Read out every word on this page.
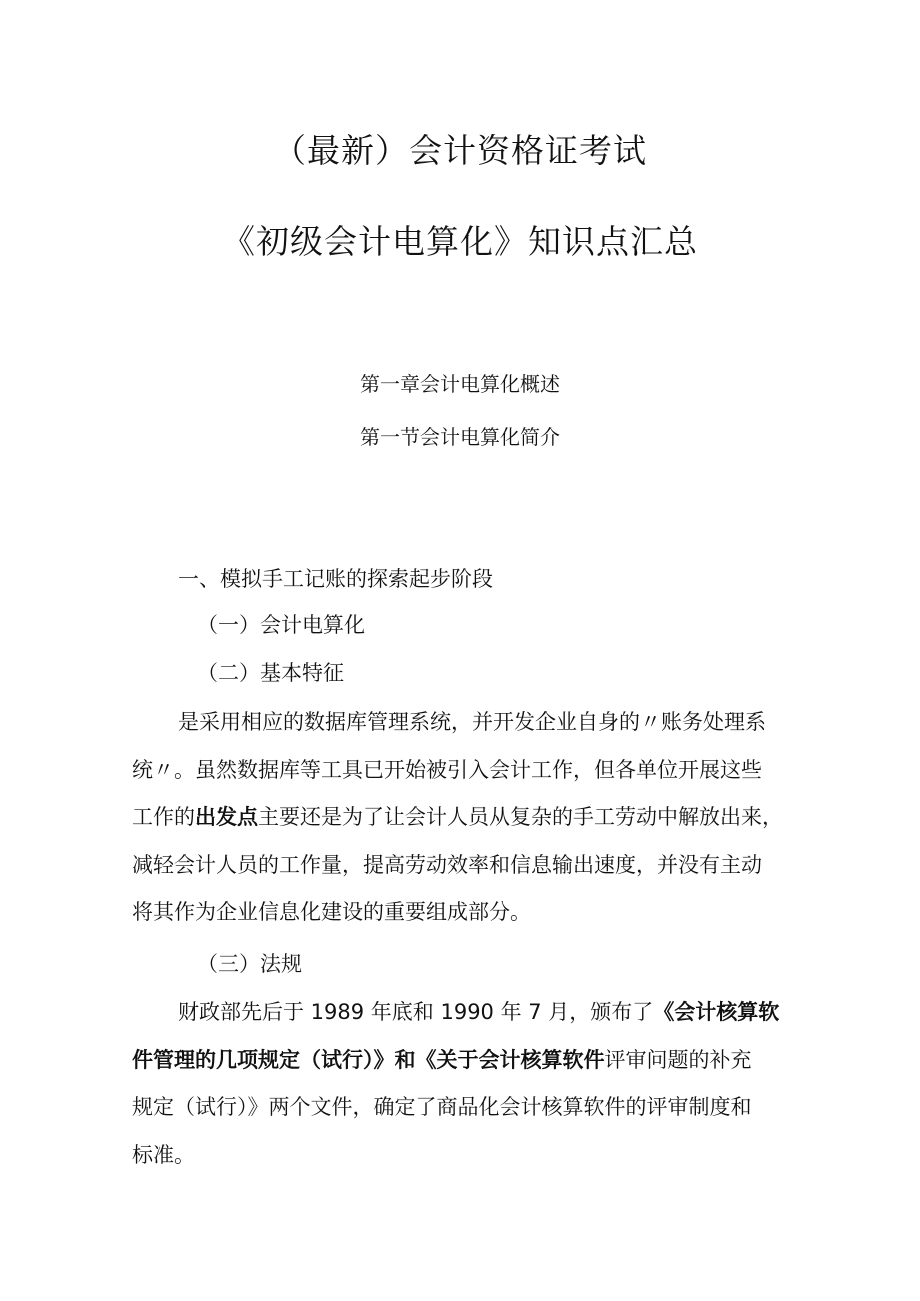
（最新）会计资格证考试
《初级会计电算化》知识点汇总
第一章会计电算化概述
第一节会计电算化简介
一、模拟手工记账的探索起步阶段
（一）会计电算化
（二）基本特征
是采用相应的数据库管理系统，并开发企业自身的〃账务处理系
统〃。虽然数据库等工具已开始被引入会计工作，但各单位开展这些
工作的出发点主要还是为了让会计人员从复杂的手工劳动中解放出来，
减轻会计人员的工作量，提高劳动效率和信息输出速度，并没有主动
将其作为企业信息化建设的重要组成部分。
（三）法规
财政部先后于 1989 年底和 1990 年 7 月，颁布了《会计核算软
件管理的几项规定（试行）》和《关于会计核算软件评审问题的补充
规定（试行）》两个文件，确定了商品化会计核算软件的评审制度和
标准。
